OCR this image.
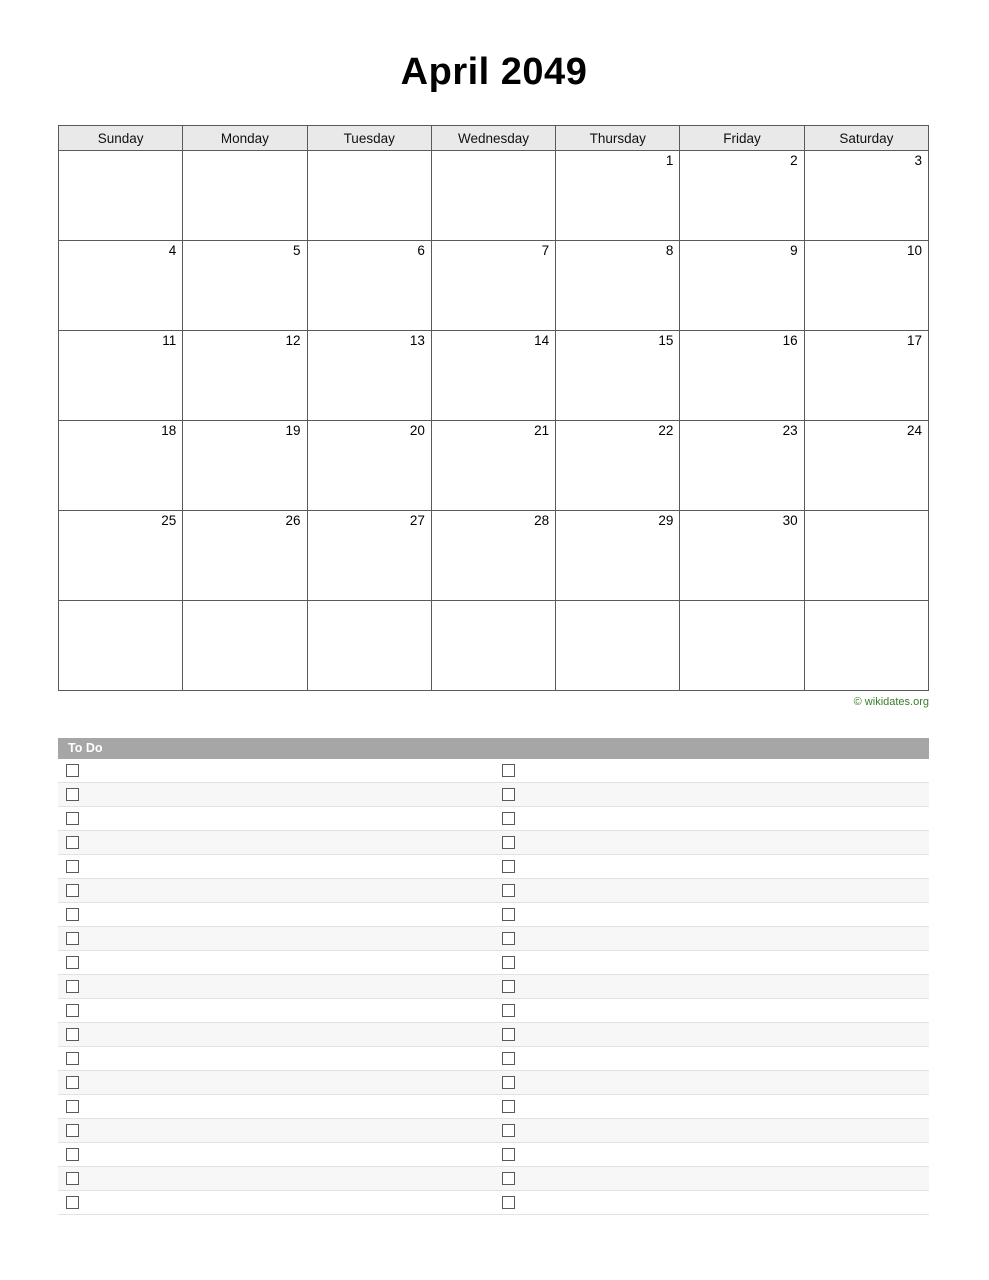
April 2049
Sunday	Monday	Tuesday	Wednesday	Thursday	Friday	Saturday

				1	2	3

4	5	6	7	8	9	10

11	12	13	14	15	16	17

18	19	20	21	22	23	24

25	26	27	28	29	30	

© wikidates.org
To Do
